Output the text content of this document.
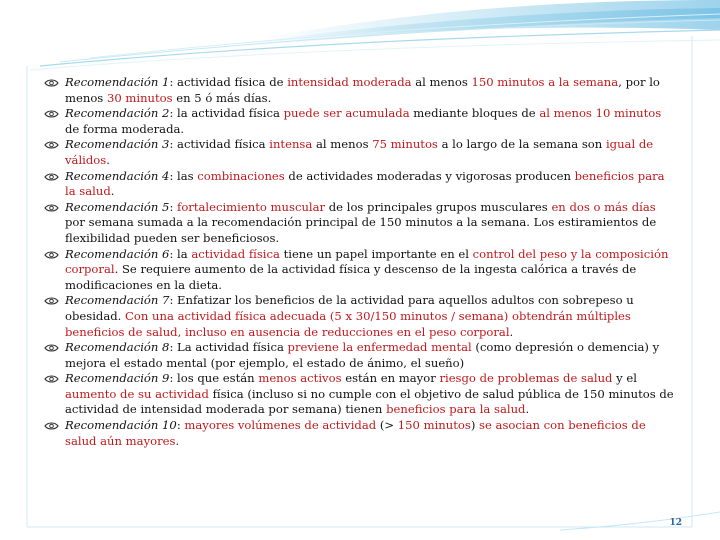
Recomendación 1: actividad física de intensidad moderada al menos 150 minutos a la semana, por lo menos 30 minutos en 5 ó más días.
Recomendación 2: la actividad física puede ser acumulada mediante bloques de al menos 10 minutos de forma moderada.
Recomendación 3: actividad física intensa al menos 75 minutos a lo largo de la semana son igual de válidos.
Recomendación 4: las combinaciones de actividades moderadas y vigorosas producen beneficios para la salud.
Recomendación 5: fortalecimiento muscular de los principales grupos musculares en dos o más días por semana sumada a la recomendación principal de 150 minutos a la semana. Los estiramientos de flexibilidad pueden ser beneficiosos.
Recomendación 6: la actividad física tiene un papel importante en el control del peso y la composición corporal. Se requiere aumento de la actividad física y descenso de la ingesta calórica a través de modificaciones en la dieta.
Recomendación 7: Enfatizar los beneficios de la actividad para aquellos adultos con sobrepeso u obesidad. Con una actividad física adecuada (5 x 30/150 minutos / semana) obtendrán múltiples beneficios de salud, incluso en ausencia de reducciones en el peso corporal.
Recomendación 8: La actividad física previene la enfermedad mental (como depresión o demencia) y mejora el estado mental (por ejemplo, el estado de ánimo, el sueño)
Recomendación 9: los que están menos activos están en mayor riesgo de problemas de salud y el aumento de su actividad física (incluso si no cumple con el objetivo de salud pública de 150 minutos de actividad de intensidad moderada por semana) tienen beneficios para la salud.
Recomendación 10: mayores volúmenes de actividad (> 150 minutos) se asocian con beneficios de salud aún mayores.
12
